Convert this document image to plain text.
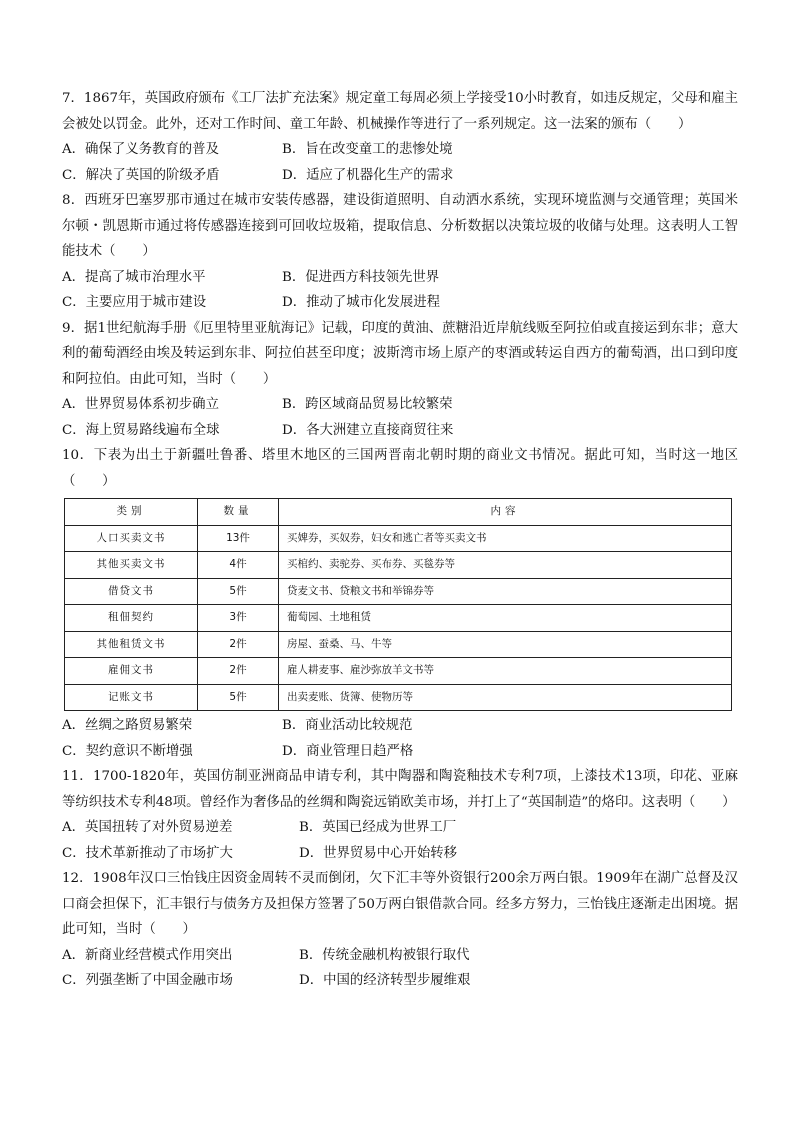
7．1867年，英国政府颁布《工厂法扩充法案》规定童工每周必须上学接受10小时教育，如违反规定，父母和雇主会被处以罚金。此外，还对工作时间、童工年龄、机械操作等进行了一系列规定。这一法案的颁布（　　）

A．确保了义务教育的普及	B．旨在改变童工的悲惨处境
C．解决了英国的阶级矛盾	D．适应了机器化生产的需求

8．西班牙巴塞罗那市通过在城市安装传感器，建设街道照明、自动洒水系统，实现环境监测与交通管理；英国米尔顿・凯恩斯市通过将传感器连接到可回收垃圾箱，提取信息、分析数据以决策垃圾的收储与处理。这表明人工智能技术（　　）

A．提高了城市治理水平	B．促进西方科技领先世界
C．主要应用于城市建设	D．推动了城市化发展进程

9．据1世纪航海手册《厄里特里亚航海记》记载，印度的黄油、蔗糖沿近岸航线贩至阿拉伯或直接运到东非；意大利的葡萄酒经由埃及转运到东非、阿拉伯甚至印度；波斯湾市场上原产的枣酒或转运自西方的葡萄酒，出口到印度和阿拉伯。由此可知，当时（　　）

A．世界贸易体系初步确立	B．跨区域商品贸易比较繁荣
C．海上贸易路线遍布全球	D．各大洲建立直接商贸往来

10．下表为出土于新疆吐鲁番、塔里木地区的三国两晋南北朝时期的商业文书情况。据此可知，当时这一地区（　　）

类别	数量	内容
人口买卖文书	13件	买婢券，买奴券，妇女和逃亡者等买卖文书
其他买卖文书	4件	买棺约、卖驼券、买布券、买毯券等
借贷文书	5件	贷麦文书、贷粮文书和举锦券等
租佃契约	3件	葡萄园、土地租赁
其他租赁文书	2件	房屋、蚕桑、马、牛等
雇佣文书	2件	雇人耕麦事、雇沙弥放羊文书等
记账文书	5件	出卖麦账、货簿、使物历等
A．丝绸之路贸易繁荣	B．商业活动比较规范
C．契约意识不断增强	D．商业管理日趋严格

11．1700-1820年，英国仿制亚洲商品申请专利，其中陶器和陶瓷釉技术专利7项，上漆技术13项，印花、亚麻等纺织技术专利48项。曾经作为奢侈品的丝绸和陶瓷远销欧美市场，并打上了“英国制造”的烙印。这表明（　　）

A．英国扭转了对外贸易逆差	B．英国已经成为世界工厂
C．技术革新推动了市场扩大	D．世界贸易中心开始转移

12．1908年汉口三怡钱庄因资金周转不灵而倒闭，欠下汇丰等外资银行200余万两白银。1909年在湖广总督及汉口商会担保下，汇丰银行与债务方及担保方签署了50万两白银借款合同。经多方努力，三怡钱庄逐渐走出困境。据此可知，当时（　　）

A．新商业经营模式作用突出	B．传统金融机构被银行取代
C．列强垄断了中国金融市场	D．中国的经济转型步履维艰
